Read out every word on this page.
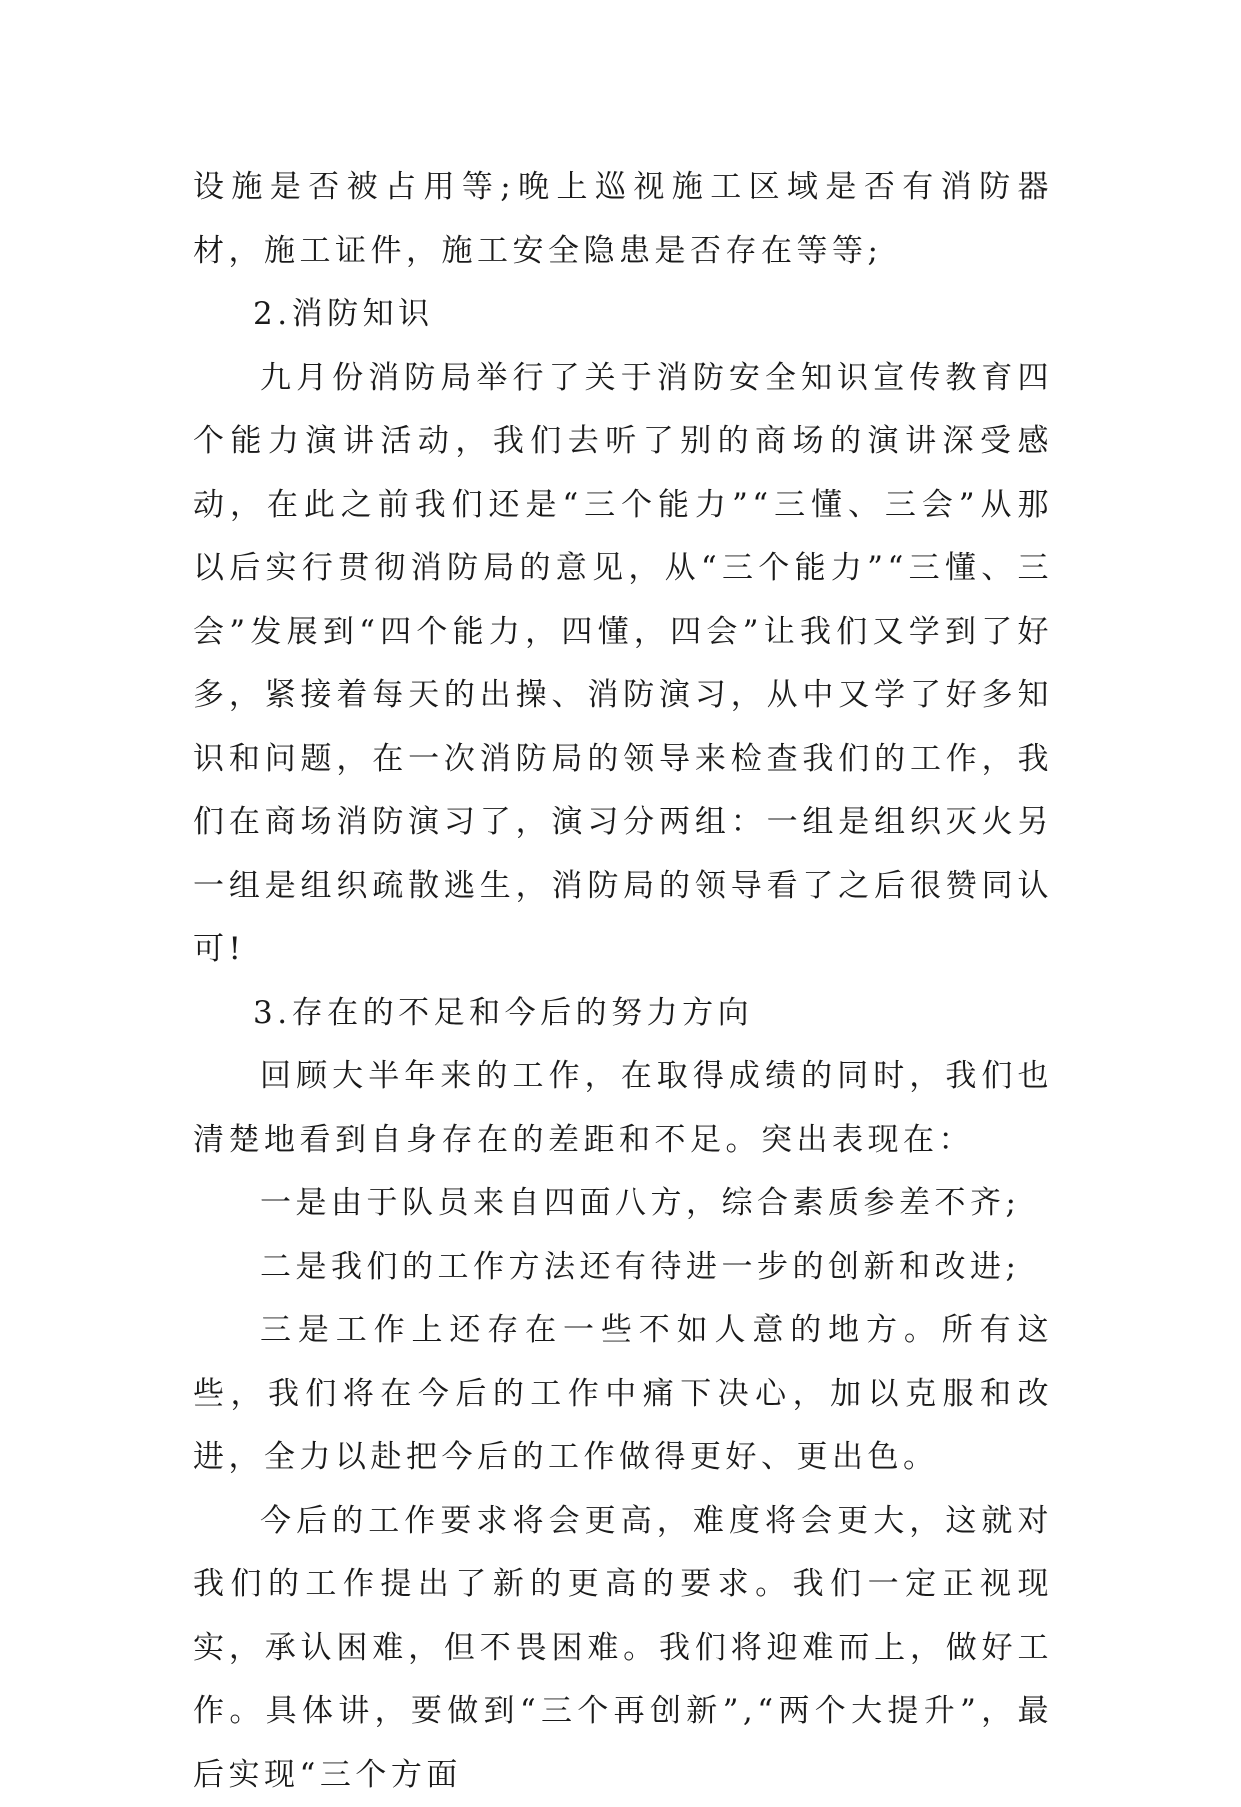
设施是否被占用等;晚上巡视施工区域是否有消防器材，施工证件，施工安全隐患是否存在等等;

2.消防知识

九月份消防局举行了关于消防安全知识宣传教育四个能力演讲活动，我们去听了别的商场的演讲深受感动，在此之前我们还是“三个能力”“三懂、三会”从那以后实行贯彻消防局的意见，从“三个能力”“三懂、三会”发展到“四个能力，四懂，四会”让我们又学到了好多，紧接着每天的出操、消防演习，从中又学了好多知识和问题，在一次消防局的领导来检查我们的工作，我们在商场消防演习了，演习分两组：一组是组织灭火另一组是组织疏散逃生，消防局的领导看了之后很赞同认可!

3.存在的不足和今后的努力方向

回顾大半年来的工作，在取得成绩的同时，我们也清楚地看到自身存在的差距和不足。突出表现在：

一是由于队员来自四面八方，综合素质参差不齐;

二是我们的工作方法还有待进一步的创新和改进;

三是工作上还存在一些不如人意的地方。所有这些，我们将在今后的工作中痛下决心，加以克服和改进，全力以赴把今后的工作做得更好、更出色。

今后的工作要求将会更高，难度将会更大，这就对我们的工作提出了新的更高的要求。我们一定正视现实，承认困难，但不畏困难。我们将迎难而上，做好工作。具体讲，要做到“三个再创新”,“两个大提升”，最后实现“三个方面
